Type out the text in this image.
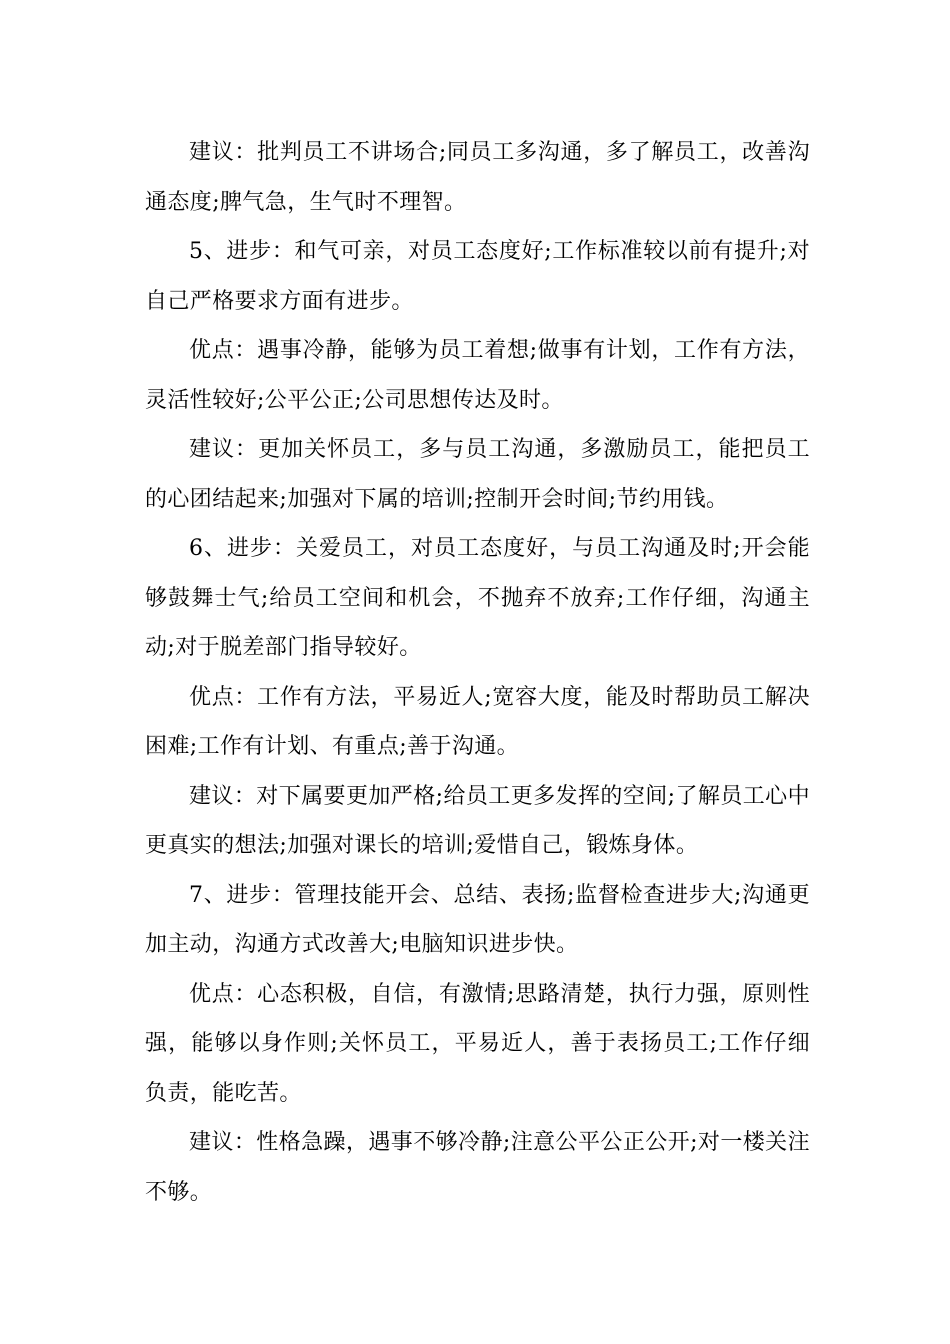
建议：批判员工不讲场合;同员工多沟通，多了解员工，改善沟通态度;脾气急，生气时不理智。

5、进步：和气可亲，对员工态度好;工作标准较以前有提升;对自己严格要求方面有进步。

优点：遇事冷静，能够为员工着想;做事有计划，工作有方法，灵活性较好;公平公正;公司思想传达及时。

建议：更加关怀员工，多与员工沟通，多激励员工，能把员工的心团结起来;加强对下属的培训;控制开会时间;节约用钱。

6、进步：关爱员工，对员工态度好，与员工沟通及时;开会能够鼓舞士气;给员工空间和机会，不抛弃不放弃;工作仔细，沟通主动;对于脱差部门指导较好。

优点：工作有方法，平易近人;宽容大度，能及时帮助员工解决困难;工作有计划、有重点;善于沟通。

建议：对下属要更加严格;给员工更多发挥的空间;了解员工心中更真实的想法;加强对课长的培训;爱惜自己，锻炼身体。

7、进步：管理技能开会、总结、表扬;监督检查进步大;沟通更加主动，沟通方式改善大;电脑知识进步快。

优点：心态积极，自信，有激情;思路清楚，执行力强，原则性强，能够以身作则;关怀员工，平易近人，善于表扬员工;工作仔细负责，能吃苦。

建议：性格急躁，遇事不够冷静;注意公平公正公开;对一楼关注不够。
